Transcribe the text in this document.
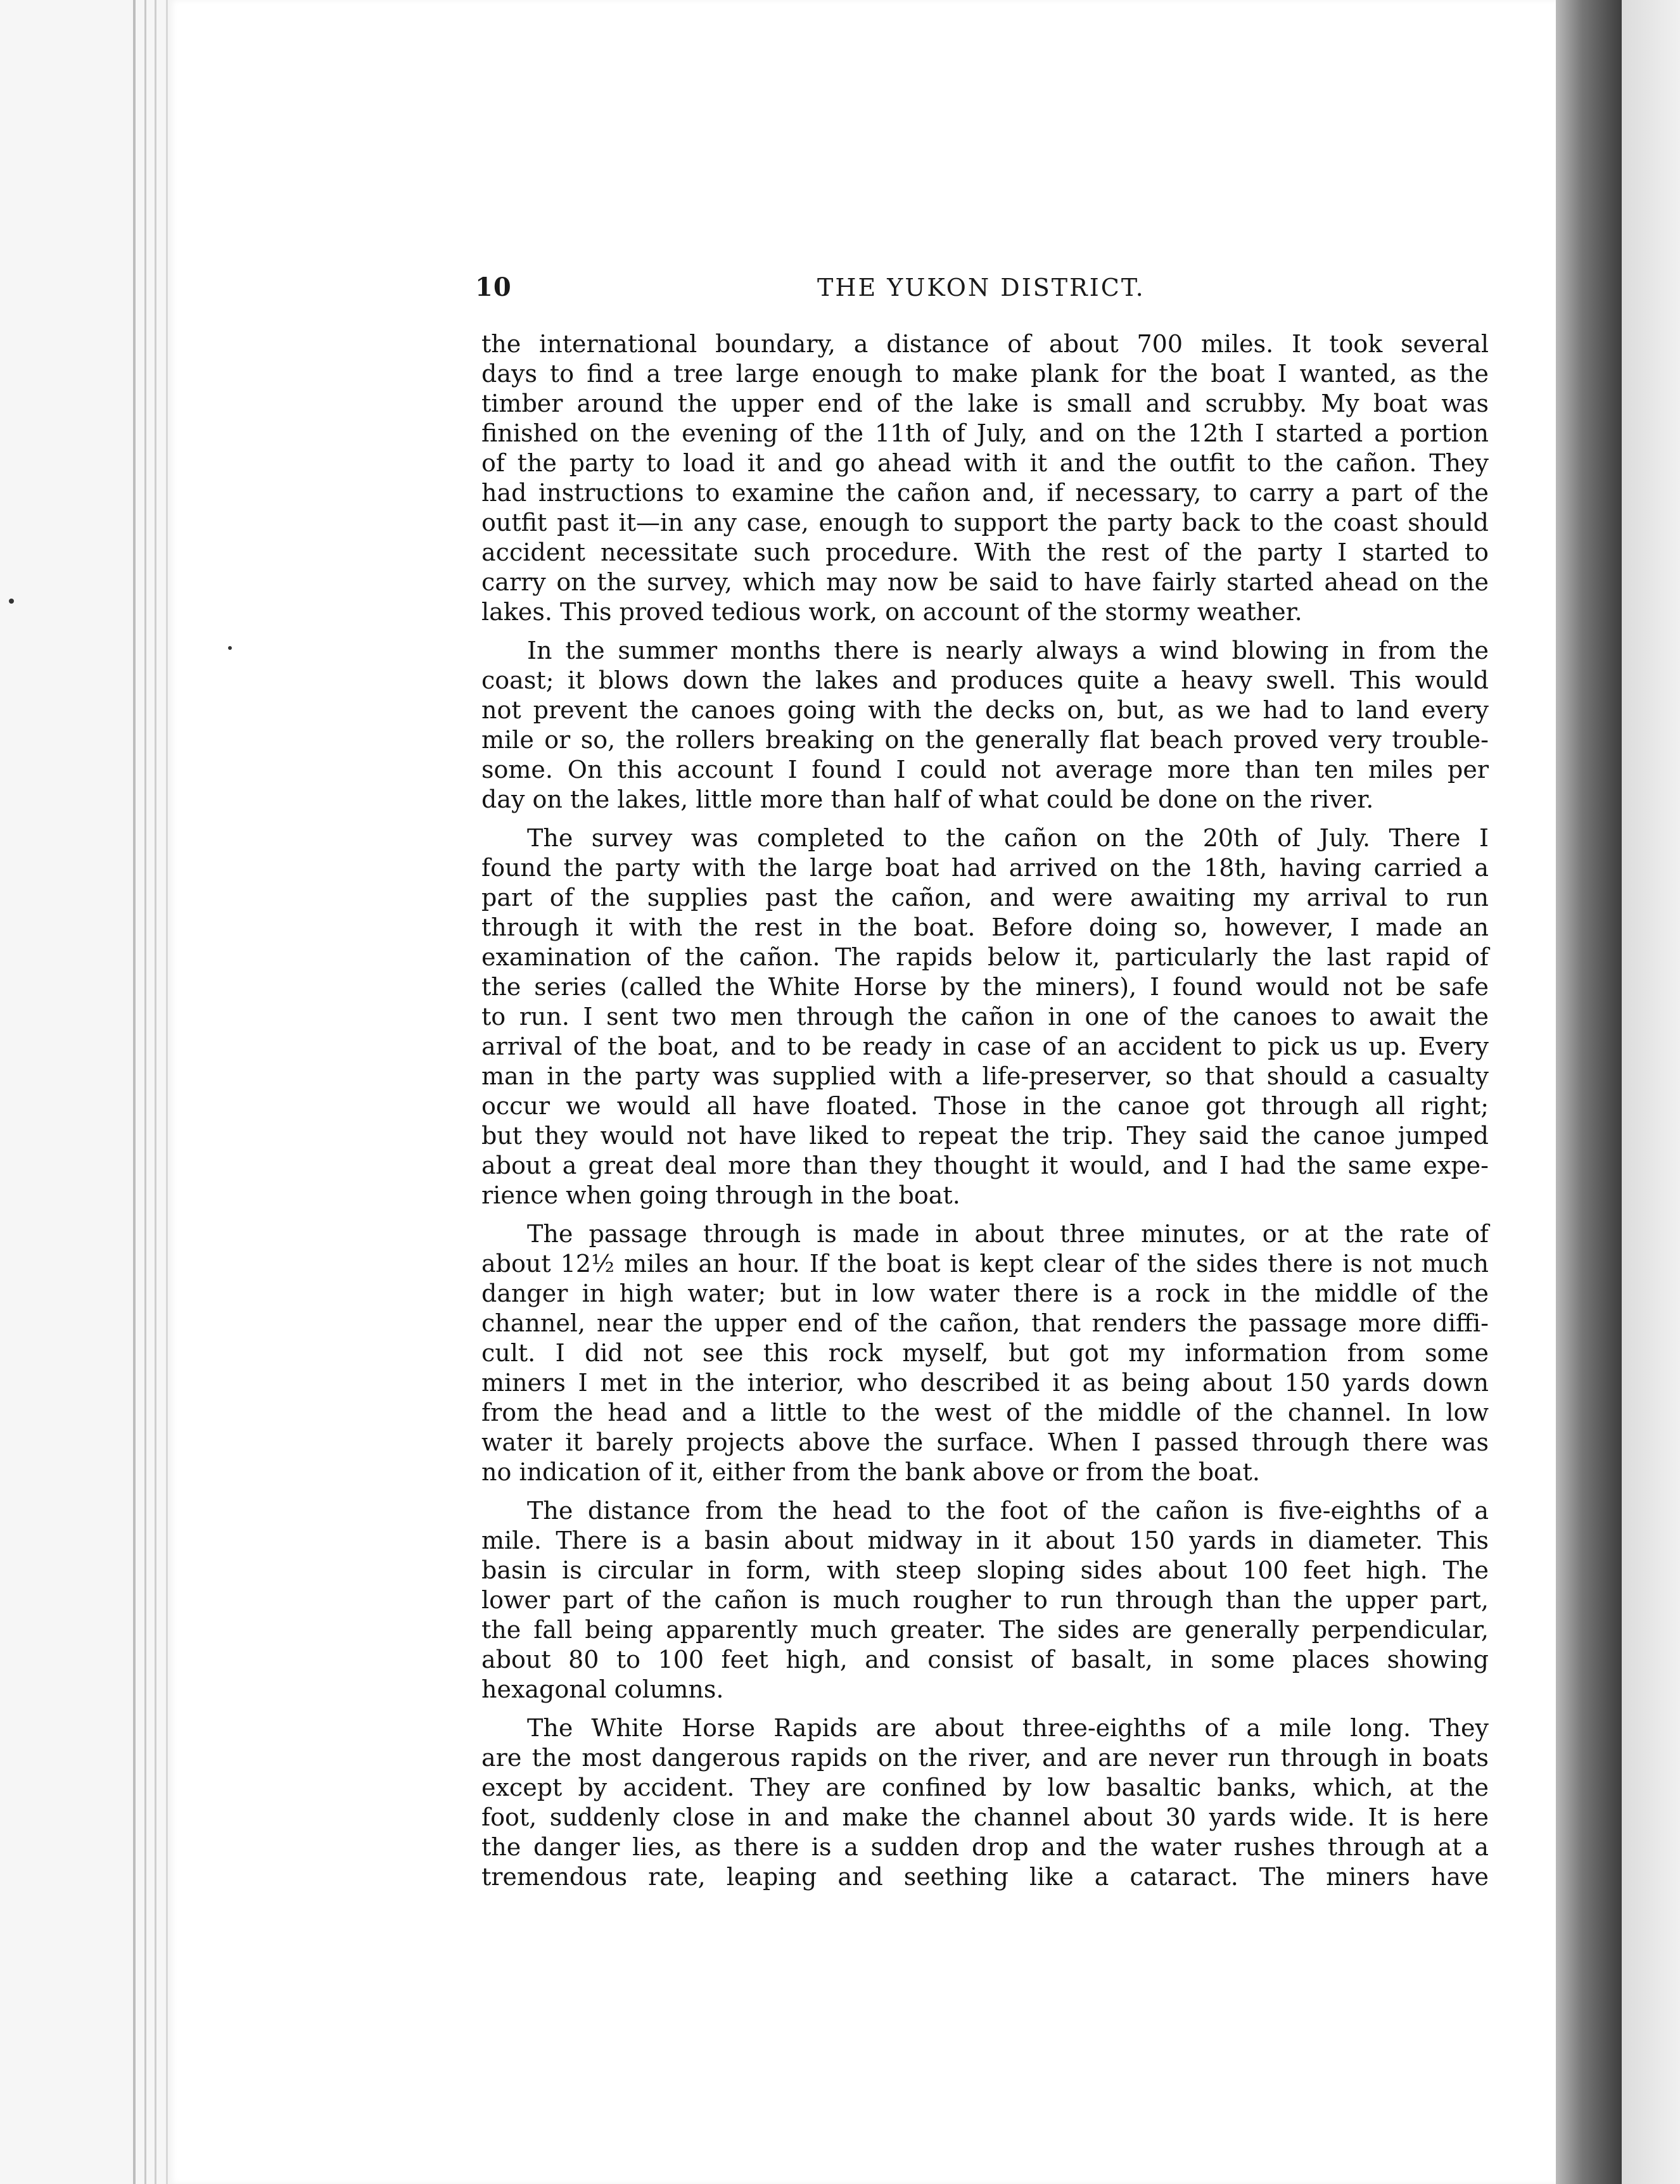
10	THE YUKON DISTRICT.
the international boundary, a distance of about 700 miles. It took several
days to find a tree large enough to make plank for the boat I wanted, as the
timber around the upper end of the lake is small and scrubby. My boat was
finished on the evening of the 11th of July, and on the 12th I started a portion
of the party to load it and go ahead with it and the outfit to the cañon. They
had instructions to examine the cañon and, if necessary, to carry a part of the
outfit past it—in any case, enough to support the party back to the coast should
accident necessitate such procedure. With the rest of the party I started to
carry on the survey, which may now be said to have fairly started ahead on the
lakes. This proved tedious work, on account of the stormy weather.
In the summer months there is nearly always a wind blowing in from the
coast; it blows down the lakes and produces quite a heavy swell. This would
not prevent the canoes going with the decks on, but, as we had to land every
mile or so, the rollers breaking on the generally flat beach proved very trouble-
some. On this account I found I could not average more than ten miles per
day on the lakes, little more than half of what could be done on the river.
The survey was completed to the cañon on the 20th of July. There I
found the party with the large boat had arrived on the 18th, having carried a
part of the supplies past the cañon, and were awaiting my arrival to run
through it with the rest in the boat. Before doing so, however, I made an
examination of the cañon. The rapids below it, particularly the last rapid of
the series (called the White Horse by the miners), I found would not be safe
to run. I sent two men through the cañon in one of the canoes to await the
arrival of the boat, and to be ready in case of an accident to pick us up. Every
man in the party was supplied with a life-preserver, so that should a casualty
occur we would all have floated. Those in the canoe got through all right;
but they would not have liked to repeat the trip. They said the canoe jumped
about a great deal more than they thought it would, and I had the same expe-
rience when going through in the boat.
The passage through is made in about three minutes, or at the rate of
about 12½ miles an hour. If the boat is kept clear of the sides there is not much
danger in high water; but in low water there is a rock in the middle of the
channel, near the upper end of the cañon, that renders the passage more diffi-
cult. I did not see this rock myself, but got my information from some
miners I met in the interior, who described it as being about 150 yards down
from the head and a little to the west of the middle of the channel. In low
water it barely projects above the surface. When I passed through there was
no indication of it, either from the bank above or from the boat.
The distance from the head to the foot of the cañon is five-eighths of a
mile. There is a basin about midway in it about 150 yards in diameter. This
basin is circular in form, with steep sloping sides about 100 feet high. The
lower part of the cañon is much rougher to run through than the upper part,
the fall being apparently much greater. The sides are generally perpendicular,
about 80 to 100 feet high, and consist of basalt, in some places showing
hexagonal columns.
The White Horse Rapids are about three-eighths of a mile long. They
are the most dangerous rapids on the river, and are never run through in boats
except by accident. They are confined by low basaltic banks, which, at the
foot, suddenly close in and make the channel about 30 yards wide. It is here
the danger lies, as there is a sudden drop and the water rushes through at a
tremendous rate, leaping and seething like a cataract. The miners have
